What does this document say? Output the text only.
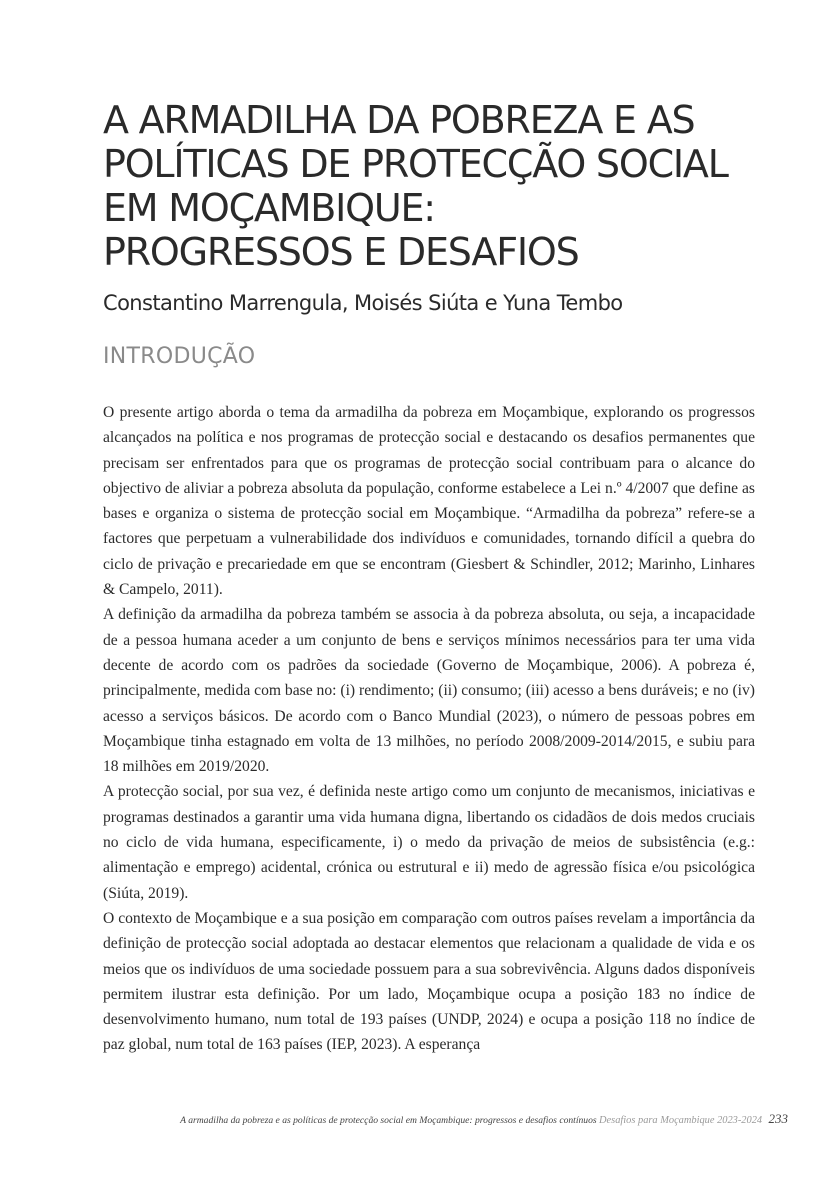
A ARMADILHA DA POBREZA E AS
POLÍTICAS DE PROTECÇÃO SOCIAL
EM MOÇAMBIQUE:
PROGRESSOS E DESAFIOS
Constantino Marrengula, Moisés Siúta e Yuna Tembo
INTRODUÇÃO

O presente artigo aborda o tema da armadilha da pobreza em Moçambique, explorando os progressos alcançados na política e nos programas de protecção social e destacando os desafios permanentes que precisam ser enfrentados para que os programas de protecção social contribuam para o alcance do objectivo de aliviar a pobreza absoluta da população, conforme estabelece a Lei n.º 4/2007 que define as bases e organiza o sistema de protecção social em Moçambique. “Armadilha da pobreza” refere-se a factores que perpetuam a vulnerabilidade dos indivíduos e comunidades, tornando difícil a quebra do ciclo de privação e precariedade em que se encontram (Giesbert & Schindler, 2012; Marinho, Linhares & Campelo, 2011).

A definição da armadilha da pobreza também se associa à da pobreza absoluta, ou seja, a incapacidade de a pessoa humana aceder a um conjunto de bens e serviços mínimos necessários para ter uma vida decente de acordo com os padrões da sociedade (Governo de Moçambique, 2006). A pobreza é, principalmente, medida com base no: (i) rendimento; (ii) consumo; (iii) acesso a bens duráveis; e no (iv) acesso a serviços básicos. De acordo com o Banco Mundial (2023), o número de pessoas pobres em Moçambique tinha estagnado em volta de 13 milhões, no período 2008/2009-2014/2015, e subiu para 18 milhões em 2019/2020.

A protecção social, por sua vez, é definida neste artigo como um conjunto de mecanismos, iniciativas e programas destinados a garantir uma vida humana digna, libertando os cidadãos de dois medos cruciais no ciclo de vida humana, especificamente, i) o medo da privação de meios de subsistência (e.g.: alimentação e emprego) acidental, crónica ou estrutural e ii) medo de agressão física e/ou psicológica (Siúta, 2019).

O contexto de Moçambique e a sua posição em comparação com outros países revelam a importância da definição de protecção social adoptada ao destacar elementos que relacionam a qualidade de vida e os meios que os indivíduos de uma sociedade possuem para a sua sobrevivência. Alguns dados disponíveis permitem ilustrar esta definição. Por um lado, Moçambique ocupa a posição 183 no índice de desenvolvimento humano, num total de 193 países (UNDP, 2024) e ocupa a posição 118 no índice de paz global, num total de 163 países (IEP, 2023). A esperança

A armadilha da pobreza e as políticas de protecção social em Moçambique: progressos e desafios contínuos Desafios para Moçambique 2023-2024 233
